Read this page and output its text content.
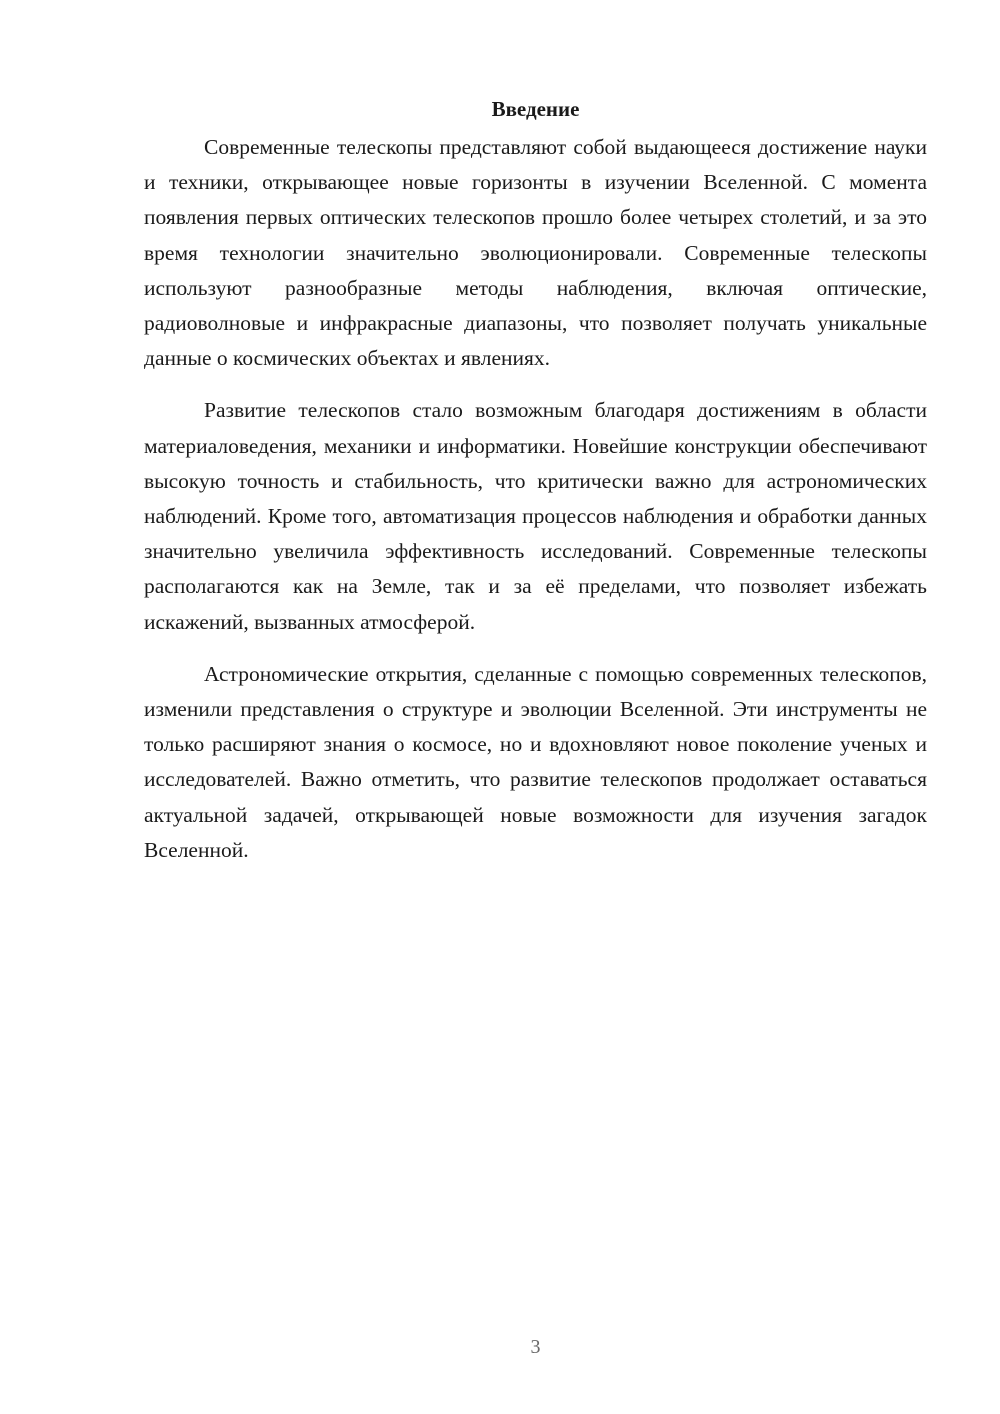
Введение

Современные телескопы представляют собой выдающееся достижение науки и техники, открывающее новые горизонты в изучении Вселенной. С момента появления первых оптических телескопов прошло более четырех столетий, и за это время технологии значительно эволюционировали. Современные телескопы используют разнообразные методы наблюдения, включая оптические, радиоволновые и инфракрасные диапазоны, что позволяет получать уникальные данные о космических объектах и явлениях.

Развитие телескопов стало возможным благодаря достижениям в области материаловедения, механики и информатики. Новейшие конструкции обеспечивают высокую точность и стабильность, что критически важно для астрономических наблюдений. Кроме того, автоматизация процессов наблюдения и обработки данных значительно увеличила эффективность исследований. Современные телескопы располагаются как на Земле, так и за её пределами, что позволяет избежать искажений, вызванных атмосферой.

Астрономические открытия, сделанные с помощью современных телескопов, изменили представления о структуре и эволюции Вселенной. Эти инструменты не только расширяют знания о космосе, но и вдохновляют новое поколение ученых и исследователей. Важно отметить, что развитие телескопов продолжает оставаться актуальной задачей, открывающей новые возможности для изучения загадок Вселенной.

3
